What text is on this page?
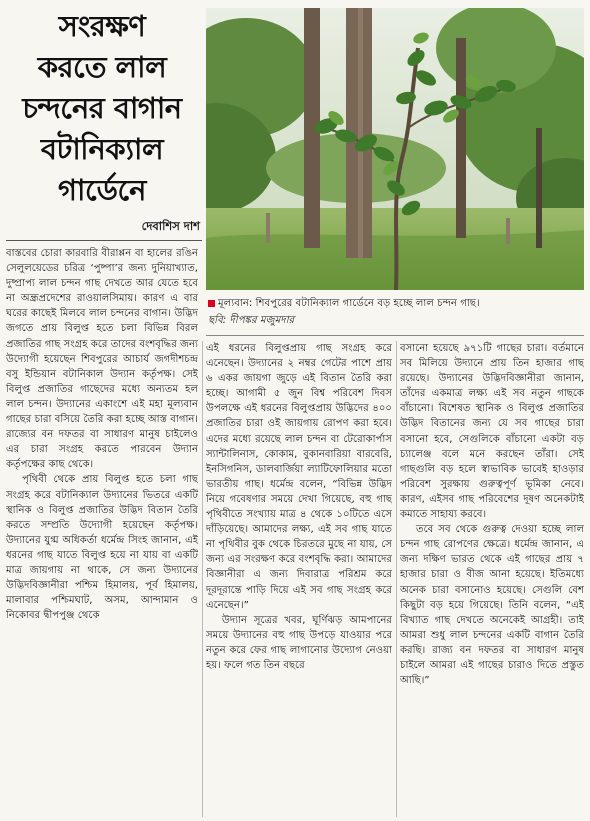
সংরক্ষণ
করতে লাল
চন্দনের বাগান
বটানিক্যাল
গার্ডেনে
দেবাশিস দাশ
মূল্যবান: শিবপুরের বটানিক্যাল গার্ডেনে বড় হচ্ছে লাল চন্দন গাছ।
ছবি: দীপঙ্কর মজুমদার

বাস্তবের চোরা কারবারি বীরাপ্পন বা হালের রঙিন সেলুলয়েডের চরিত্র ‘পুষ্পা’র জন্য দুনিয়াখ্যাত, দুষ্প্রাপ্য লাল চন্দন গাছ দেখতে আর যেতে হবে না অন্ধ্রপ্রদেশের রাওয়ালসিমায়। কারণ এ বার ঘরের কাছেই মিলবে লাল চন্দনের বাগান। উদ্ভিদ জগতে প্রায় বিলুপ্ত হতে চলা বিভিন্ন বিরল প্রজাতির গাছ সংগ্রহ করে তাদের বংশবৃদ্ধির জন্য উদ্যোগী হয়েছেন শিবপুরের আচার্য জগদীশচন্দ্র বসু ইন্ডিয়ান বটানিকাল উদ্যান কর্তৃপক্ষ। সেই বিলুপ্ত প্রজাতির গাছেদের মধ্যে অন্যতম হল লাল চন্দন। উদ্যানের একাংশে এই মহা মূল্যবান গাছের চারা বসিয়ে তৈরি করা হচ্ছে আস্ত বাগান। রাজ্যের বন দফতর বা সাধারণ মানুষ চাইলেও এর চারা সংগ্রহ করতে পারবেন উদ্যান কর্তৃপক্ষের কাছ থেকে।

পৃথিবী থেকে প্রায় বিলুপ্ত হতে চলা গাছ সংগ্রহ করে বটানিক্যাল উদ্যানের ভিতরে একটি স্থানিক ও বিলুপ্ত প্রজাতির উদ্ভিদ বিতান তৈরি করতে সম্প্রতি উদ্যোগী হয়েছেন কর্তৃপক্ষ। উদ্যানের যুগ্ম অধিকর্তা ধর্মেন্দ্র সিংহ জানান, এই ধরনের গাছ যাতে বিলুপ্ত হয়ে না যায় বা একটি মাত্র জায়গায় না থাকে, সে জন্য উদ্যানের উদ্ভিদবিজ্ঞানীরা পশ্চিম হিমালয়, পূর্ব হিমালয়, মালাবার পশ্চিমঘাট, অসম, আন্দামান ও নিকোবর দ্বীপপুঞ্জ থেকে

এই ধরনের বিলুপ্তপ্রায় গাছ সংগ্রহ করে এনেছেন। উদ্যানের ২ নম্বর গেটের পাশে প্রায় ৬ একর জায়গা জুড়ে এই বিতান তৈরি করা হচ্ছে। আগামী ৫ জুন বিশ্ব পরিবেশ দিবস উপলক্ষে এই ধরনের বিলুপ্তপ্রায় উদ্ভিদের ৪০০ প্রজাতির চারা ওই জায়গায় রোপণ করা হবে। এদের মধ্যে রয়েছে লাল চন্দন বা টেরোকার্পাস স্যান্টালিনাস, কোকাম, বুকানবারিয়া বারবেরি, ইনসিগনিস, ডালবার্জিয়া ল্যাটিফোলিয়ার মতো ভারতীয় গাছ। ধর্মেন্দ্র বলেন, “বিভিন্ন উদ্ভিদ নিয়ে গবেষণার সময়ে দেখা গিয়েছে, বহু গাছ পৃথিবীতে সংখ্যায় মাত্র ৪ থেকে ১০টিতে এসে দাঁড়িয়েছে। আমাদের লক্ষ্য, এই সব গাছ যাতে না পৃথিবীর বুক থেকে চিরতরে মুছে না যায়, সে জন্য এর সংরক্ষণ করে বংশবৃদ্ধি করা। আমাদের বিজ্ঞানীরা এ জন্য দিবারাত্র পরিশ্রম করে দূরদূরান্তে পাড়ি দিয়ে এই সব গাছ সংগ্রহ করে এনেছেন।”

উদ্যান সূত্রের খবর, ঘূর্ণিঝড় আমপানের সময়ে উদ্যানের বহু গাছ উপড়ে যাওয়ার পরে নতুন করে ফের গাছ লাগানোর উদ্যোগ নেওয়া হয়। ফলে গত তিন বছরে

বসানো হয়েছে ৯৭১টি গাছের চারা। বর্তমানে সব মিলিয়ে উদ্যানে প্রায় তিন হাজার গাছ রয়েছে। উদ্যানের উদ্ভিদবিজ্ঞানীরা জানান, তাঁদের একমাত্র লক্ষ্য এই সব নতুন গাছকে বাঁচানো। বিশেষত স্থানিক ও বিলুপ্ত প্রজাতির উদ্ভিদ বিতানের জন্য যে সব গাছের চারা বসানো হবে, সেগুলিকে বাঁচানো একটা বড় চ্যালেঞ্জ বলে মনে করছেন তাঁরা। সেই গাছগুলি বড় হলে স্বাভাবিক ভাবেই হাওড়ার পরিবেশ সুরক্ষায় গুরুত্বপূর্ণ ভূমিকা নেবে। কারণ, এইসব গাছ পরিবেশের দূষণ অনেকটাই কমাতে সাহায্য করবে।

তবে সব থেকে গুরুত্ব দেওয়া হচ্ছে লাল চন্দন গাছ রোপণের ক্ষেত্রে। ধর্মেন্দ্র জানান, এ জন্য দক্ষিণ ভারত থেকে এই গাছের প্রায় ৭ হাজার চারা ও বীজ আনা হয়েছে। ইতিমধ্যে অনেক চারা বসানোও হয়েছে। সেগুলি বেশ কিছুটা বড় হয়ে গিয়েছে। তিনি বলেন, “এই বিখ্যাত গাছ দেখতে অনেকেই আগ্রহী। তাই আমরা শুধু লাল চন্দনের একটি বাগান তৈরি করছি। রাজ্য বন দফতর বা সাধারণ মানুষ চাইলে আমরা এই গাছের চারাও দিতে প্রস্তুত আছি।”
